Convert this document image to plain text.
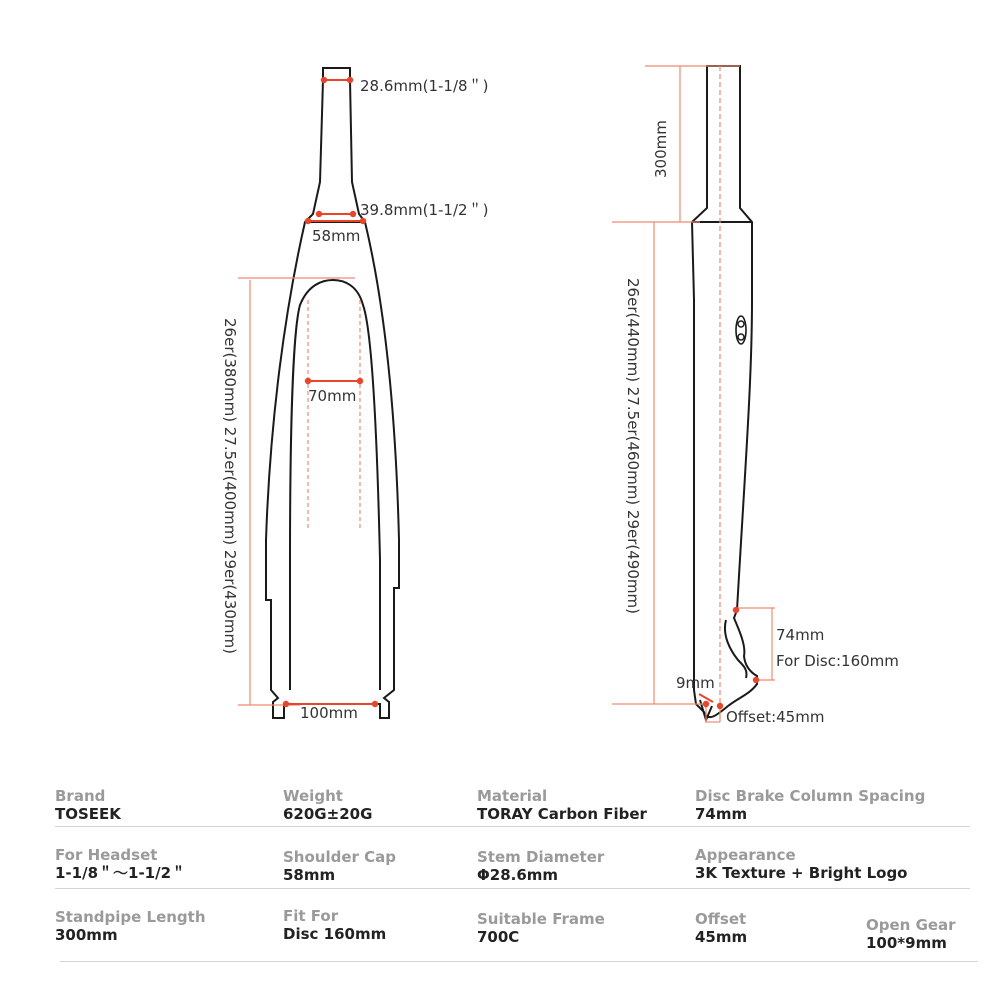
28.6mm(1-1/8＂)
39.8mm(1-1/2＂)
58mm
70mm
100mm
26er(380mm) 27.5er(400mm) 29er(430mm)
300mm
26er(440mm) 27.5er(460mm) 29er(490mm)
74mm
For Disc:160mm
9mm
Offset:45mm
Brand
TOSEEK
Weight
620G±20G
Material
TORAY Carbon Fiber
Disc Brake Column Spacing
74mm
For Headset
1-1/8＂～1-1/2＂
Shoulder Cap
58mm
Stem Diameter
Φ28.6mm
Appearance
3K Texture + Bright Logo
Standpipe Length
300mm
Fit For
Disc 160mm
Suitable Frame
700C
Offset
45mm
Open Gear
100*9mm
